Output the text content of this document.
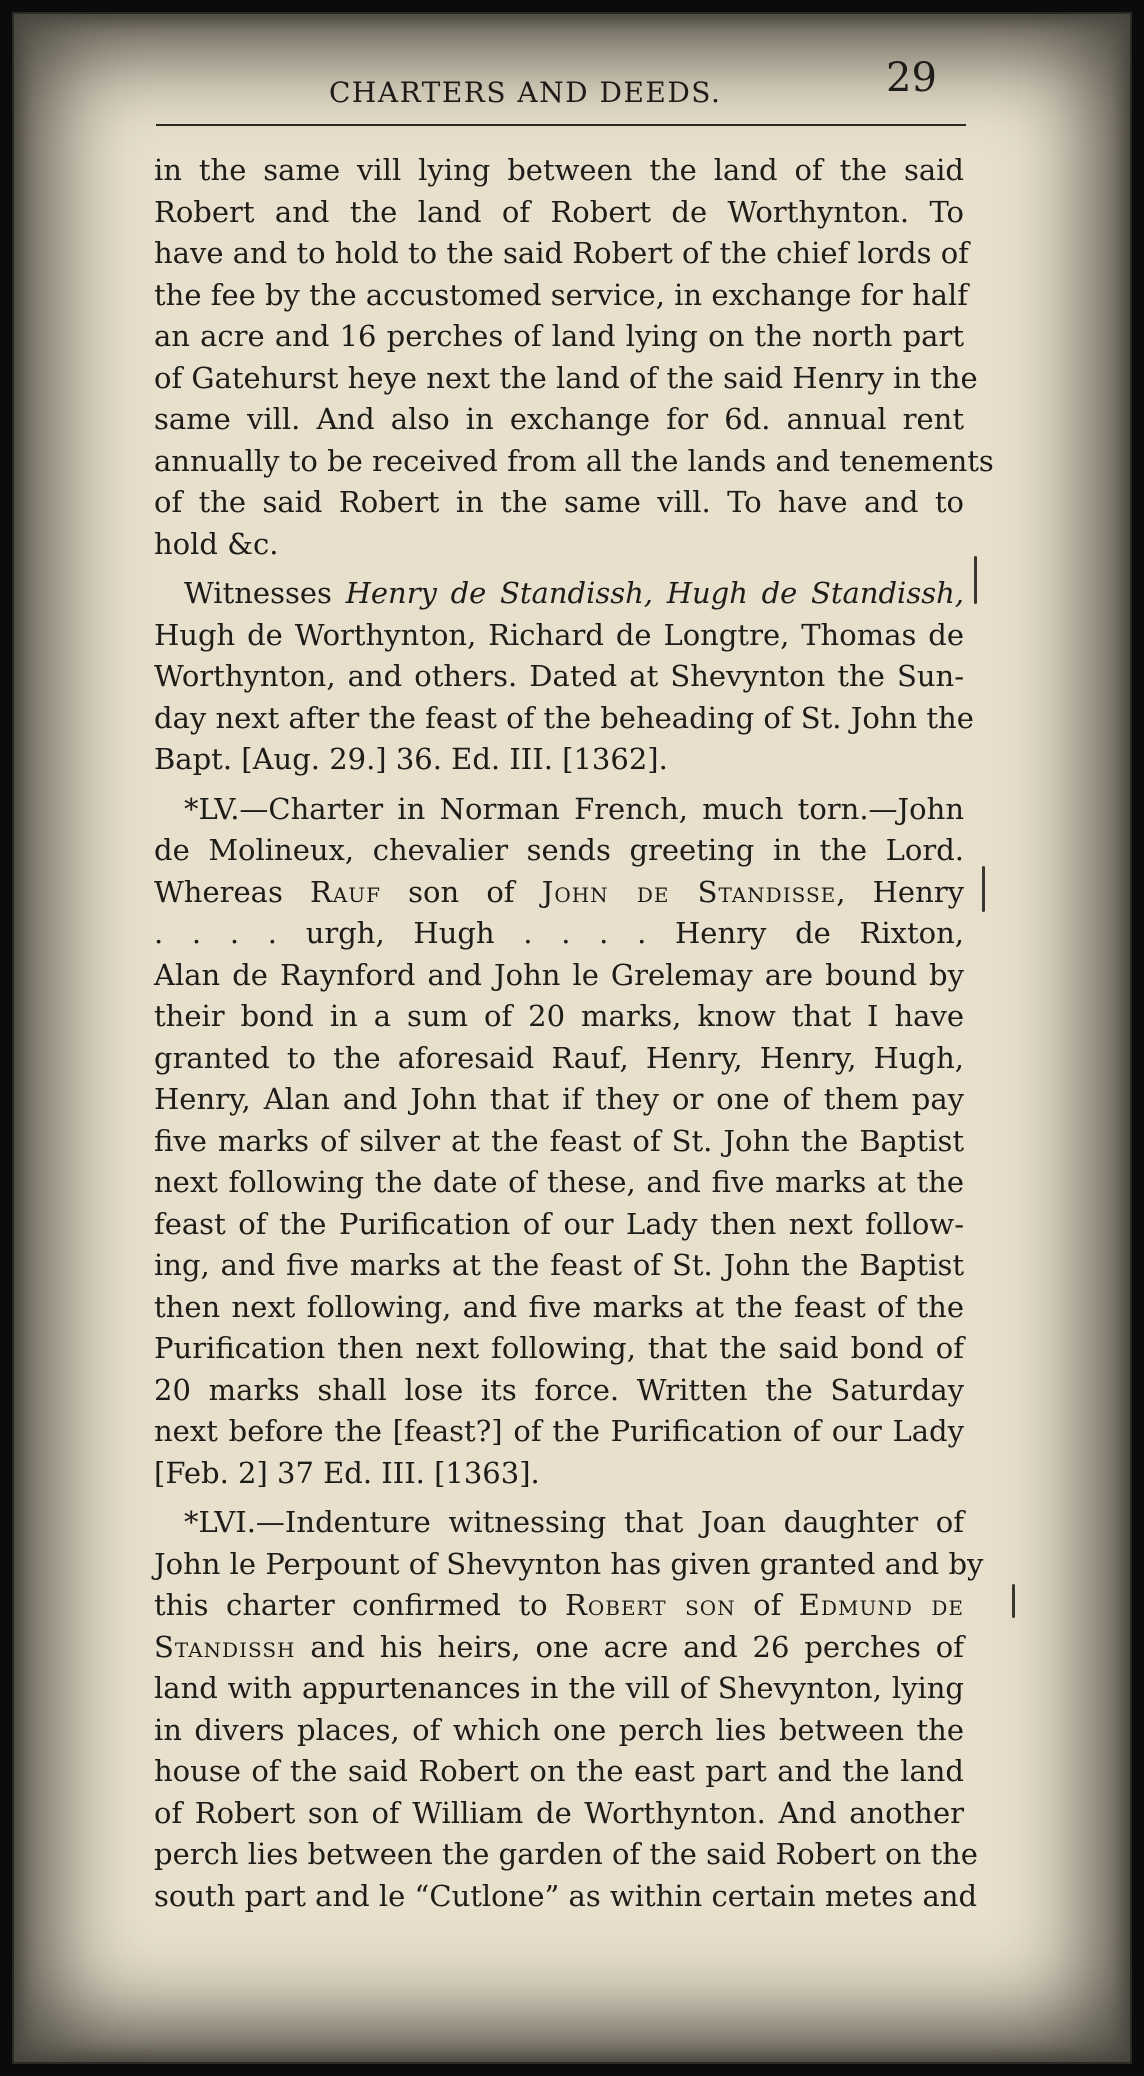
CHARTERS AND DEEDS.	29
in the same vill lying between the land of the said
Robert and the land of Robert de Worthynton. To
have and to hold to the said Robert of the chief lords of
the fee by the accustomed service, in exchange for half
an acre and 16 perches of land lying on the north part
of Gatehurst heye next the land of the said Henry in the
same vill. And also in exchange for 6d. annual rent
annually to be received from all the lands and tenements
of the said Robert in the same vill. To have and to
hold &c.
Witnesses Henry de Standissh, Hugh de Standissh,
Hugh de Worthynton, Richard de Longtre, Thomas de
Worthynton, and others. Dated at Shevynton the Sun-
day next after the feast of the beheading of St. John the
Bapt. [Aug. 29.] 36. Ed. III. [1362].
*LV.—Charter in Norman French, much torn.—John
de Molineux, chevalier sends greeting in the Lord.
Whereas Rauf son of John de Standisse, Henry
. . . . urgh, Hugh . . . . Henry de Rixton,
Alan de Raynford and John le Grelemay are bound by
their bond in a sum of 20 marks, know that I have
granted to the aforesaid Rauf, Henry, Henry, Hugh,
Henry, Alan and John that if they or one of them pay
five marks of silver at the feast of St. John the Baptist
next following the date of these, and five marks at the
feast of the Purification of our Lady then next follow-
ing, and five marks at the feast of St. John the Baptist
then next following, and five marks at the feast of the
Purification then next following, that the said bond of
20 marks shall lose its force. Written the Saturday
next before the [feast?] of the Purification of our Lady
[Feb. 2] 37 Ed. III. [1363].
*LVI.—Indenture witnessing that Joan daughter of
John le Perpount of Shevynton has given granted and by
this charter confirmed to Robert son of Edmund de
Standissh and his heirs, one acre and 26 perches of
land with appurtenances in the vill of Shevynton, lying
in divers places, of which one perch lies between the
house of the said Robert on the east part and the land
of Robert son of William de Worthynton. And another
perch lies between the garden of the said Robert on the
south part and le “Cutlone” as within certain metes and
